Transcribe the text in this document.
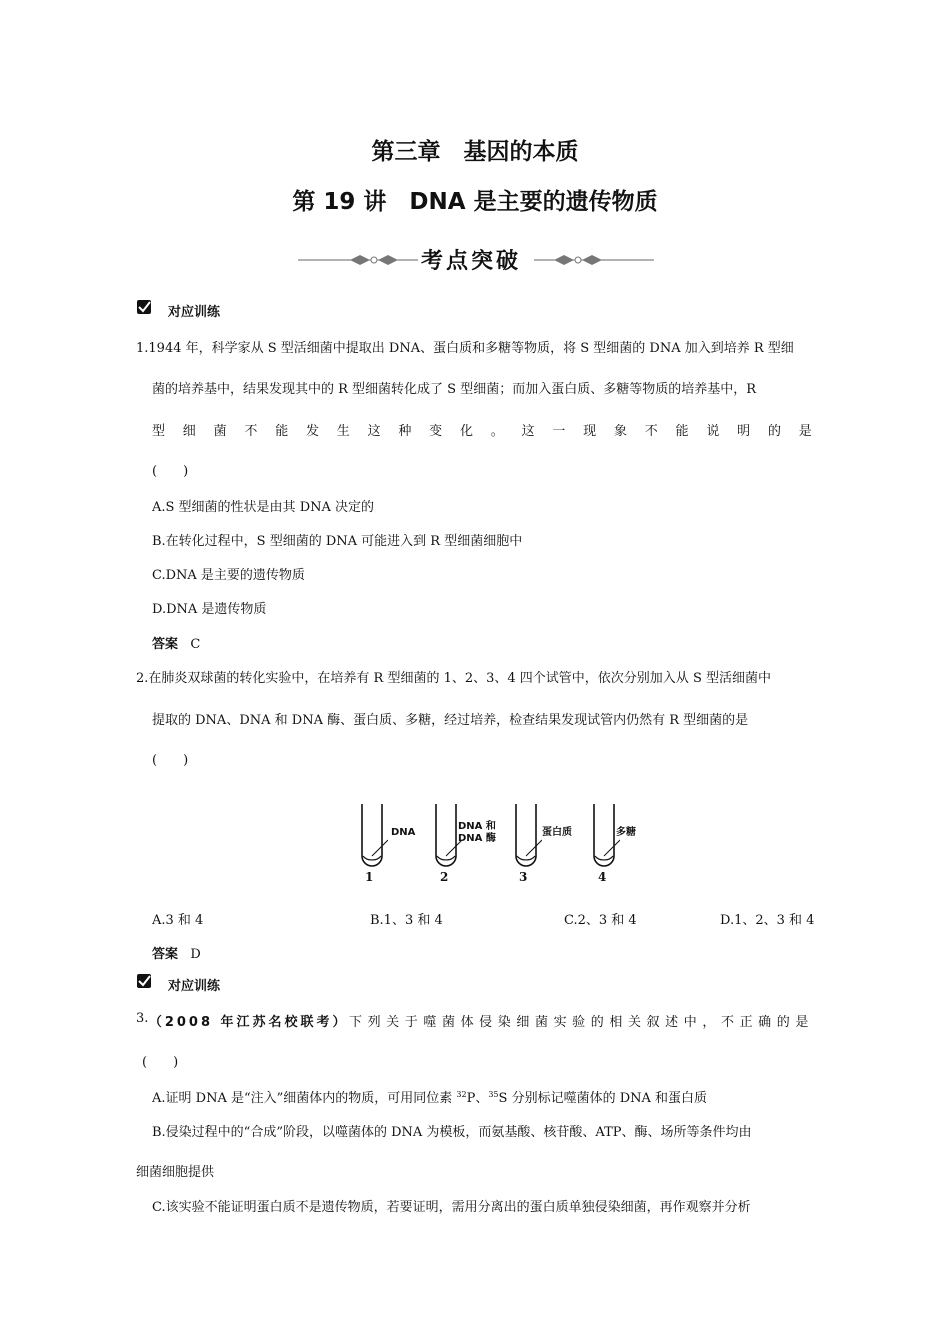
第三章　基因的本质
第 19 讲　DNA 是主要的遗传物质
考点突破
对应训练
1.1944 年，科学家从 S 型活细菌中提取出 DNA、蛋白质和多糖等物质，将 S 型细菌的 DNA 加入到培养 R 型细
菌的培养基中，结果发现其中的 R 型细菌转化成了 S 型细菌；而加入蛋白质、多糖等物质的培养基中，R
型 细 菌 不 能 发 生 这 种 变 化 。 这 一 现 象 不 能 说 明 的 是
(　　)
A.S 型细菌的性状是由其 DNA 决定的
B.在转化过程中，S 型细菌的 DNA 可能进入到 R 型细菌细胞中
C.DNA 是主要的遗传物质
D.DNA 是遗传物质
答案 C
2.在肺炎双球菌的转化实验中，在培养有 R 型细菌的 1、2、3、4 四个试管中，依次分别加入从 S 型活细菌中
提取的 DNA、DNA 和 DNA 酶、蛋白质、多糖，经过培养，检查结果发现试管内仍然有 R 型细菌的是
(　　)
DNA
1
DNA 和
DNA 酶
2
蛋白质
3
多糖
4
A.3 和 4	B.1、3 和 4	C.2、3 和 4	D.1、2、3 和 4
答案 D
对应训练
3. （2008 年江苏名校联考） 下列关于噬菌体侵染细菌实验的相关叙述中，不正确的是
(　　)
A.证明 DNA 是“注入”细菌体内的物质，可用同位素 $^{32}$P、$^{35}$S 分别标记噬菌体的 DNA 和蛋白质
B.侵染过程中的“合成”阶段，以噬菌体的 DNA 为模板，而氨基酸、核苷酸、ATP、酶、场所等条件均由
细菌细胞提供
C.该实验不能证明蛋白质不是遗传物质，若要证明，需用分离出的蛋白质单独侵染细菌，再作观察并分析
